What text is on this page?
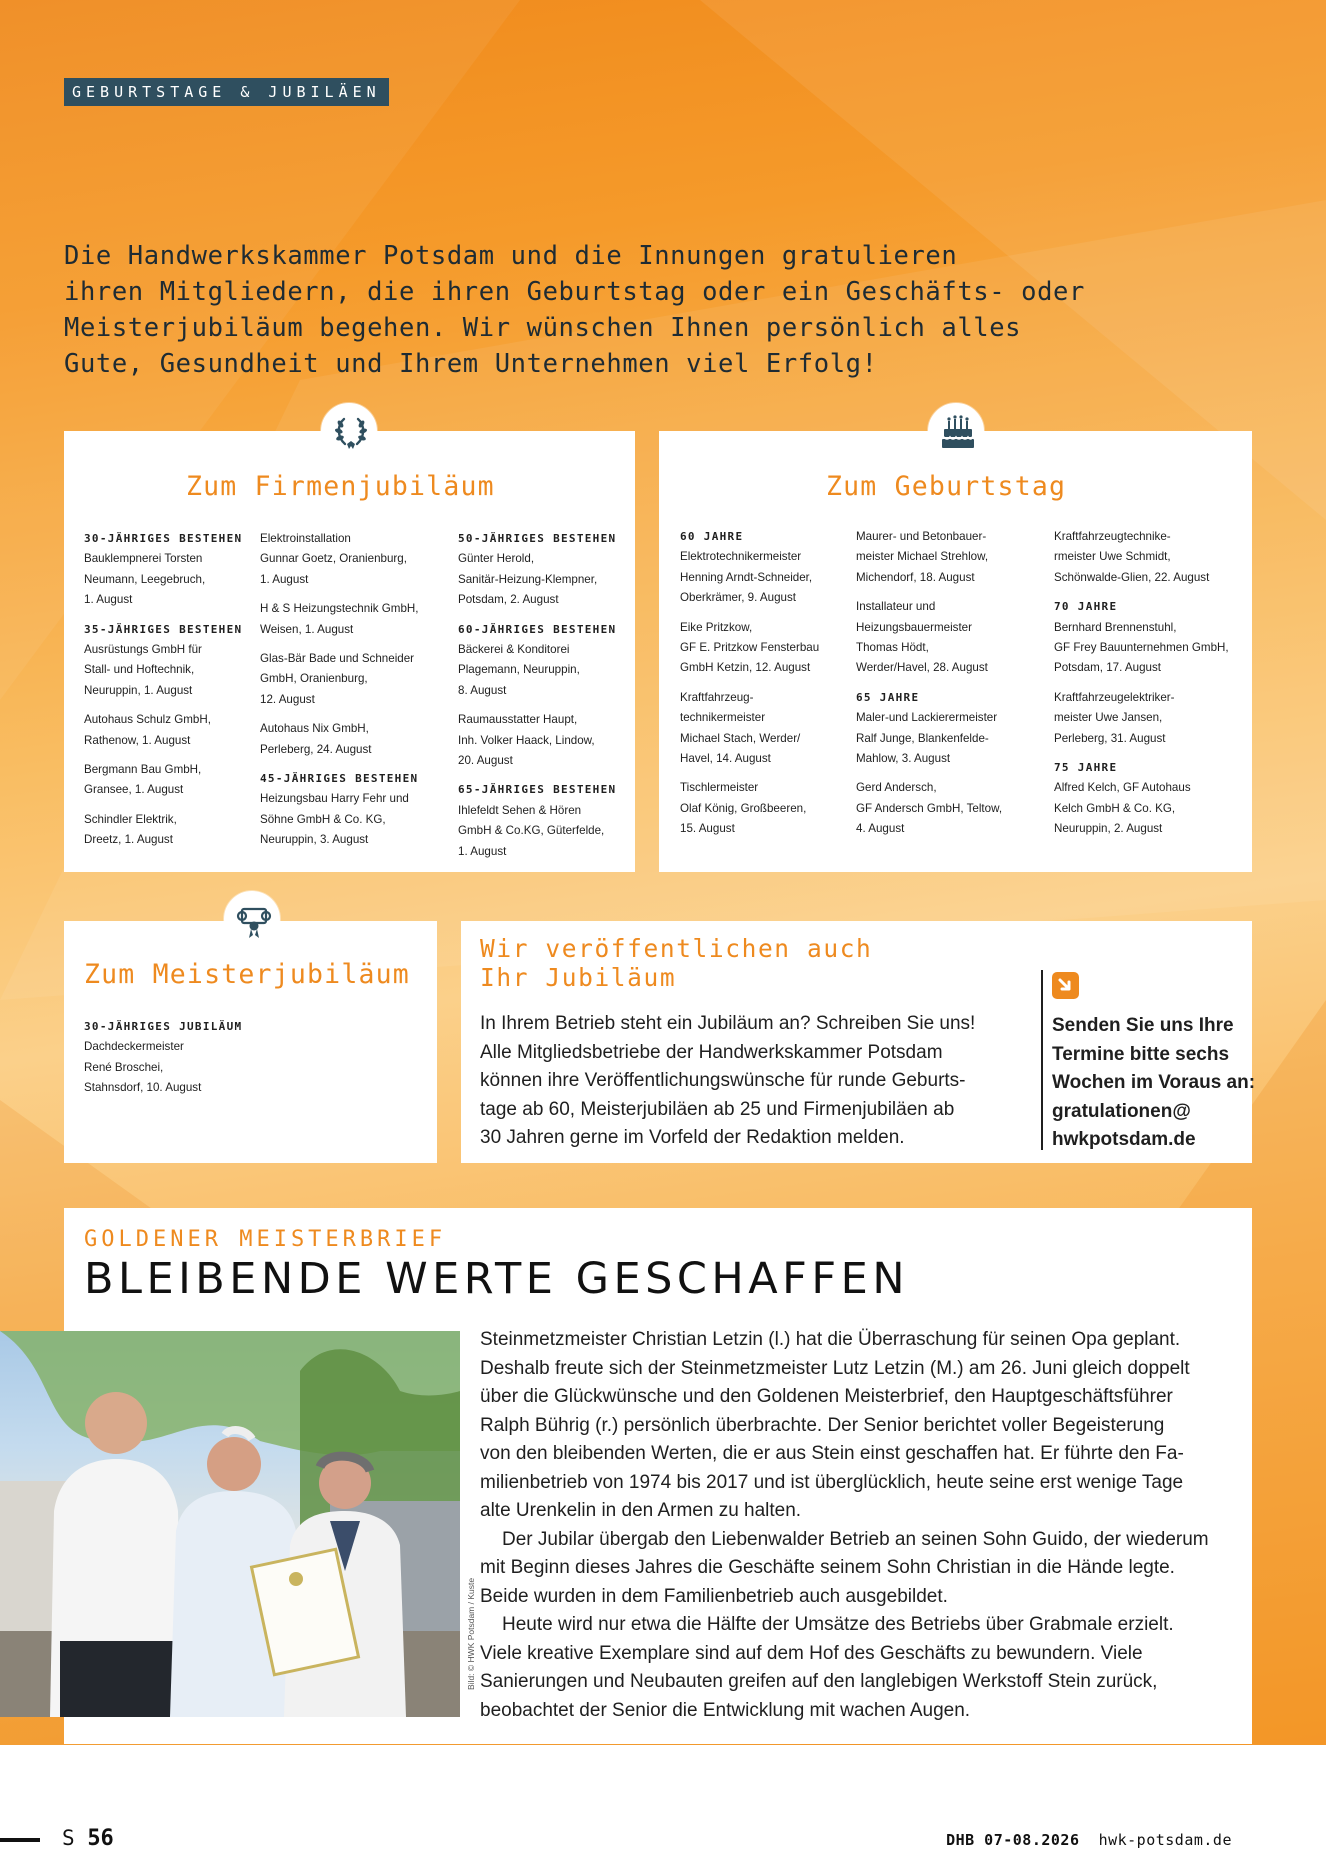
GEBURTSTAGE & JUBILÄEN
Die Handwerkskammer Potsdam und die Innungen gratulieren
ihren Mitgliedern, die ihren Geburtstag oder ein Geschäfts- oder
Meisterjubiläum begehen. Wir wünschen Ihnen persönlich alles
Gute, Gesundheit und Ihrem Unternehmen viel Erfolg!
Zum Firmenjubiläum
30-JÄHRIGES BESTEHEN
Bauklempnerei Torsten
Neumann, Leegebruch,
1. August
35-JÄHRIGES BESTEHEN
Ausrüstungs GmbH für
Stall- und Hoftechnik,
Neuruppin, 1. August
Autohaus Schulz GmbH,
Rathenow, 1. August
Bergmann Bau GmbH,
Gransee, 1. August
Schindler Elektrik,
Dreetz, 1. August
Elektroinstallation
Gunnar Goetz, Oranienburg,
1. August
H & S Heizungstechnik GmbH,
Weisen, 1. August
Glas-Bär Bade und Schneider
GmbH, Oranienburg,
12. August
Autohaus Nix GmbH,
Perleberg, 24. August
45-JÄHRIGES BESTEHEN
Heizungsbau Harry Fehr und
Söhne GmbH & Co. KG,
Neuruppin, 3. August
50-JÄHRIGES BESTEHEN
Günter Herold,
Sanitär-Heizung-Klempner,
Potsdam, 2. August
60-JÄHRIGES BESTEHEN
Bäckerei & Konditorei
Plagemann, Neuruppin,
8. August
Raumausstatter Haupt,
Inh. Volker Haack, Lindow,
20. August
65-JÄHRIGES BESTEHEN
Ihlefeldt Sehen & Hören
GmbH & Co.KG, Güterfelde,
1. August
Zum Geburtstag
60 JAHRE
Elektrotechnikermeister
Henning Arndt-Schneider,
Oberkrämer, 9. August
Eike Pritzkow,
GF E. Pritzkow Fensterbau
GmbH Ketzin, 12. August
Kraftfahrzeug-
technikermeister
Michael Stach, Werder/
Havel, 14. August
Tischlermeister
Olaf König, Großbeeren,
15. August
Maurer- und Betonbauer-
meister Michael Strehlow,
Michendorf, 18. August
Installateur und
Heizungsbauermeister
Thomas Hödt,
Werder/Havel, 28. August
65 JAHRE
Maler-und Lackierermeister
Ralf Junge, Blankenfelde-
Mahlow, 3. August
Gerd Andersch,
GF Andersch GmbH, Teltow,
4. August
Kraftfahrzeugtechnike-
rmeister Uwe Schmidt,
Schönwalde-Glien, 22. August
70 JAHRE
Bernhard Brennenstuhl,
GF Frey Bauunternehmen GmbH,
Potsdam, 17. August
Kraftfahrzeugelektriker-
meister Uwe Jansen,
Perleberg, 31. August
75 JAHRE
Alfred Kelch, GF Autohaus
Kelch GmbH & Co. KG,
Neuruppin, 2. August
Zum Meisterjubiläum
30-JÄHRIGES JUBILÄUM
Dachdeckermeister
René Broschei,
Stahnsdorf, 10. August
Wir veröffentlichen auch
Ihr Jubiläum
In Ihrem Betrieb steht ein Jubiläum an? Schreiben Sie uns!
Alle Mitgliedsbetriebe der Handwerkskammer Potsdam
können ihre Veröffentlichungswünsche für runde Geburts-
tage ab 60, Meisterjubiläen ab 25 und Firmenjubiläen ab
30 Jahren gerne im Vorfeld der Redaktion melden.
Senden Sie uns Ihre
Termine bitte sechs
Wochen im Voraus an:
gratulationen@
hwkpotsdam.de
GOLDENER MEISTERBRIEF
BLEIBENDE WERTE GESCHAFFEN
Bild: © HWK Potsdam / Kuste
Steinmetzmeister Christian Letzin (l.) hat die Überraschung für seinen Opa geplant.
Deshalb freute sich der Steinmetzmeister Lutz Letzin (M.) am 26. Juni gleich doppelt
über die Glückwünsche und den Goldenen Meisterbrief, den Hauptgeschäftsführer
Ralph Bührig (r.) persönlich überbrachte. Der Senior berichtet voller Begeisterung
von den bleibenden Werten, die er aus Stein einst geschaffen hat. Er führte den Fa-
milienbetrieb von 1974 bis 2017 und ist überglücklich, heute seine erst wenige Tage
alte Urenkelin in den Armen zu halten.
Der Jubilar übergab den Liebenwalder Betrieb an seinen Sohn Guido, der wiederum
mit Beginn dieses Jahres die Geschäfte seinem Sohn Christian in die Hände legte.
Beide wurden in dem Familienbetrieb auch ausgebildet.
Heute wird nur etwa die Hälfte der Umsätze des Betriebs über Grabmale erzielt.
Viele kreative Exemplare sind auf dem Hof des Geschäfts zu bewundern. Viele
Sanierungen und Neubauten greifen auf den langlebigen Werkstoff Stein zurück,
beobachtet der Senior die Entwicklung mit wachen Augen.
S 56	DHB 07-08.2026 hwk-potsdam.de
